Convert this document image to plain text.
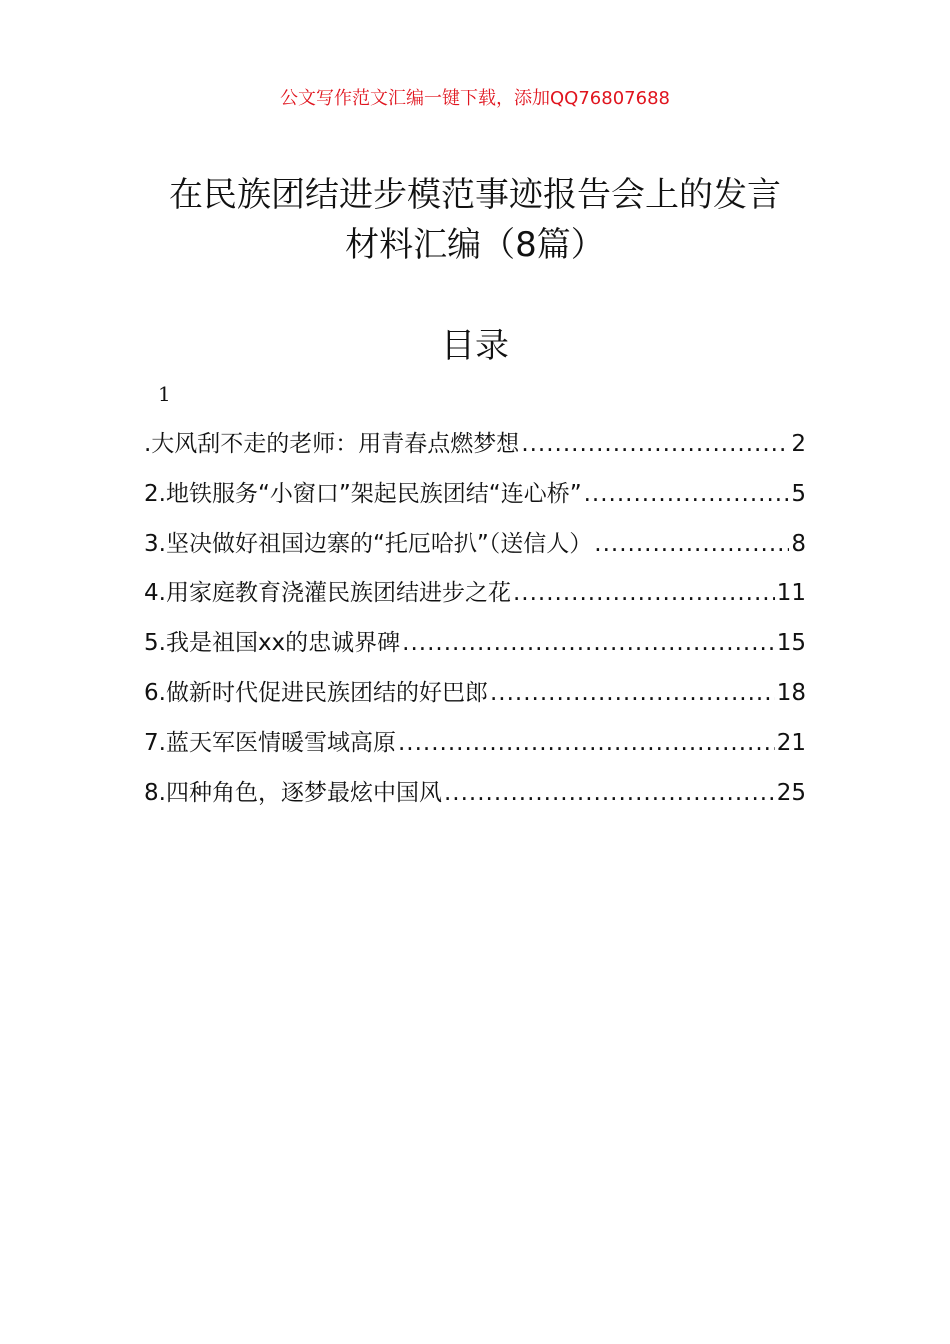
公文写作范文汇编一键下载，添加QQ76807688
在民族团结进步模范事迹报告会上的发言
材料汇编（8篇）
目录
1
.大风刮不走的老师：用青春点燃梦想 .....	2
2.地铁服务“小窗口”架起民族团结“连心桥” .....	5
3.坚决做好祖国边寨的“托厄哈扒”（送信人） .....	8
4.用家庭教育浇灌民族团结进步之花 .....	11
5.我是祖国xx的忠诚界碑 .....	15
6.做新时代促进民族团结的好巴郎 .....	18
7.蓝天军医情暖雪域高原 .....	21
8.四种角色，逐梦最炫中国风 .....	25
